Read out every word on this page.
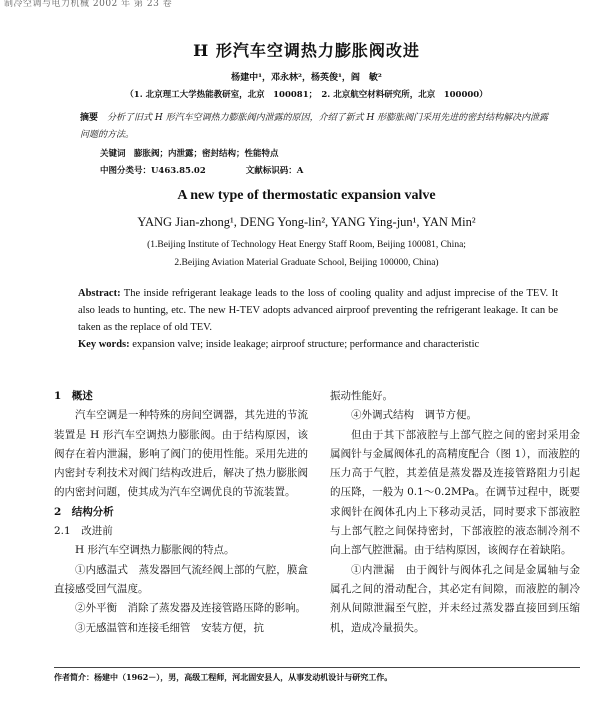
制冷空调与电力机械 2002 年 第 23 卷
H 形汽车空调热力膨胀阀改进
杨建中¹，邓永林²，杨英俊¹，阎　敏²
（1. 北京理工大学热能教研室，北京　100081；　2. 北京航空材料研究所，北京　100000）
摘要　 分析了旧式 H 形汽车空调热力膨胀阀内泄露的原因，介绍了新式 H 形膨胀阀门采用先进的密封结构解决内泄露问题的方法。
关键词　膨胀阀；内泄露；密封结构；性能特点
中图分类号：U463.85.02	文献标识码：A
A new type of thermostatic expansion valve
YANG Jian-zhong¹, DENG Yong-lin², YANG Ying-jun¹, YAN Min²
(1.Beijing Institute of Technology Heat Energy Staff Room, Beijing 100081, China;
2.Beijing Aviation Material Graduate School, Beijing 100000, China)
Abstract: The inside refrigerant leakage leads to the loss of cooling quality and adjust imprecise of the TEV. It also leads to hunting, etc. The new H-TEV adopts advanced airproof preventing the refrigerant leakage. It can be taken as the replace of old TEV.
Key words: expansion valve; inside leakage; airproof structure; performance and characteristic

1　概述

汽车空调是一种特殊的房间空调器，其先进的节流装置是 H 形汽车空调热力膨胀阀。由于结构原因，该阀存在着内泄漏，影响了阀门的使用性能。采用先进的内密封专利技术对阀门结构改进后，解决了热力膨胀阀的内密封问题，使其成为汽车空调优良的节流装置。

2　结构分析

2.1　改进前

H 形汽车空调热力膨胀阀的特点。

①内感温式　蒸发器回气流经阀上部的气腔，膜盒直接感受回气温度。

②外平衡　消除了蒸发器及连接管路压降的影响。

③无感温管和连接毛细管　安装方便，抗

振动性能好。

④外调式结构　调节方便。

但由于其下部液腔与上部气腔之间的密封采用金属阀针与金属阀体孔的高精度配合（图 1），而液腔的压力高于气腔，其差值是蒸发器及连接管路阻力引起的压降，一般为 0.1～0.2MPa。在调节过程中，既要求阀针在阀体孔内上下移动灵活，同时要求下部液腔与上部气腔之间保持密封，下部液腔的液态制冷剂不向上部气腔泄漏。由于结构原因，该阀存在着缺陷。

①内泄漏　由于阀针与阀体孔之间是金属轴与金属孔之间的滑动配合，其必定有间隙，而液腔的制冷剂从间隙泄漏至气腔，并未经过蒸发器直接回到压缩机，造成冷量损失。

作者简介：杨建中（1962－），男，高级工程师，河北固安县人，从事发动机设计与研究工作。
